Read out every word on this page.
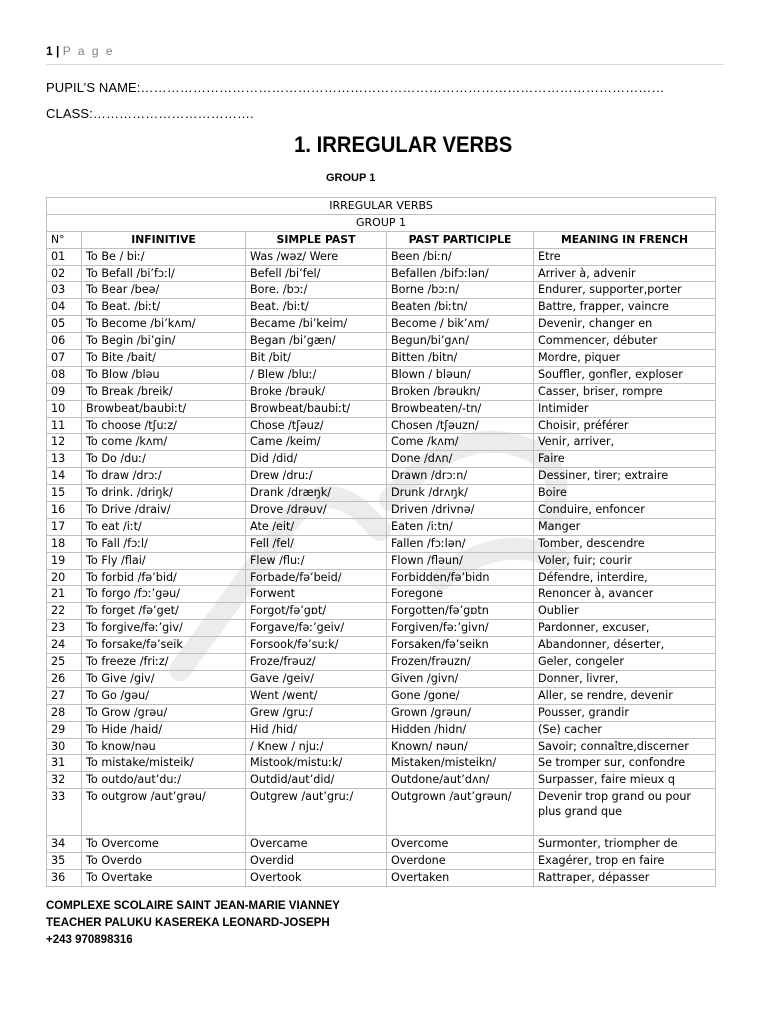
1 | P a g e
PUPIL’S NAME:…………………………………………………………………………………………………………
CLASS:……………………………….
1. IRREGULAR VERBS
GROUP 1
IRREGULAR VERBS				
GROUP 1				
N°	INFINITIVE	SIMPLE PAST	PAST PARTICIPLE	MEANING IN FRENCH
01	To Be / biː/	Was /wəz/ Were	Been /biːn/	Etre
02	To Befall /bi’fɔːl/	Befell /bi’fel/	Befallen /bifɔːlən/	Arriver à, advenir
03	To Bear /beə/	Bore. /bɔː/	Borne /bɔːn/	Endurer, supporter,porter
04	To Beat. /biːt/	Beat. /biːt/	Beaten /biːtn/	Battre, frapper, vaincre
05	To Become /bi’kʌm/	Became /bi’keim/	Become / bik’ʌm/	Devenir, changer en
06	To Begin /bi’gin/	Began /bi’gæn/	Begun/bi’gʌn/	Commencer, débuter
07	To Bite /bait/	Bit /bit/	Bitten /bitn/	Mordre, piquer
08	To Blow /bləu	/ Blew /bluː/	Blown / bləun/	Souffler, gonfler, exploser
09	To Break /breik/	Broke /brəuk/	Broken /brəukn/	Casser, briser, rompre
10	Browbeat/baubiːt/	Browbeat/baubiːt/	Browbeaten/-tn/	Intimider
11	To choose /tʃuːz/	Chose /tʃəuz/	Chosen /tʃəuzn/	Choisir, préférer
12	To come /kʌm/	Came /keim/	Come /kʌm/	Venir, arriver,
13	To Do /duː/	Did /did/	Done /dʌn/	Faire
14	To draw /drɔː/	Drew /druː/	Drawn /drɔːn/	Dessiner, tirer; extraire
15	To drink. /driŋk/	Drank /dræŋk/	Drunk /drʌŋk/	Boire
16	To Drive /draiv/	Drove /drəuv/	Driven /drivnə/	Conduire, enfoncer
17	To eat /iːt/	Ate /eit/	Eaten /iːtn/	Manger
18	To Fall /fɔːl/	Fell /fel/	Fallen /fɔːlən/	Tomber, descendre
19	To Fly /flai/	Flew /fluː/	Flown /fləun/	Voler, fuir; courir
20	To forbid /fə’bid/	Forbade/fə’beid/	Forbidden/fə’bidn	Défendre, interdire,
21	To forgo /fɔː’gəu/	Forwent	Foregone	Renoncer à, avancer
22	To forget /fə’get/	Forgot/fə’gɒt/	Forgotten/fə’gɒtn	Oublier
23	To forgive/fəː’giv/	Forgave/fəː’geiv/	Forgiven/fəː’givn/	Pardonner, excuser,
24	To forsake/fə’seik	Forsook/fə’suːk/	Forsaken/fə’seikn	Abandonner, déserter,
25	To freeze /friːz/	Froze/frəuz/	Frozen/frəuzn/	Geler, congeler
26	To Give /giv/	Gave /geiv/	Given /givn/	Donner, livrer,
27	To Go /gəu/	Went /went/	Gone /gone/	Aller, se rendre, devenir
28	To Grow /grəu/	Grew /gruː/	Grown /grəun/	Pousser, grandir
29	To Hide /haid/	Hid /hid/	Hidden /hidn/	(Se) cacher
30	To know/nəu	/ Knew / njuː/	Known/ nəun/	Savoir; connaître,discerner
31	To mistake/misteik/	Mistook/mistuːk/	Mistaken/misteikn/	Se tromper sur, confondre
32	To outdo/aut’duː/	Outdid/aut’did/	Outdone/aut’dʌn/	Surpasser, faire mieux q
33	To outgrow /aut’grəu/	Outgrew /aut’gruː/	Outgrown /aut’grəun/	Devenir trop grand ou pour plus grand que
34	To Overcome	Overcame	Overcome	Surmonter, triompher de
35	To Overdo	Overdid	Overdone	Exagérer, trop en faire
36	To Overtake	Overtook	Overtaken	Rattraper, dépasser
COMPLEXE SCOLAIRE SAINT JEAN-MARIE VIANNEY
TEACHER PALUKU KASEREKA LEONARD-JOSEPH
+243 970898316
